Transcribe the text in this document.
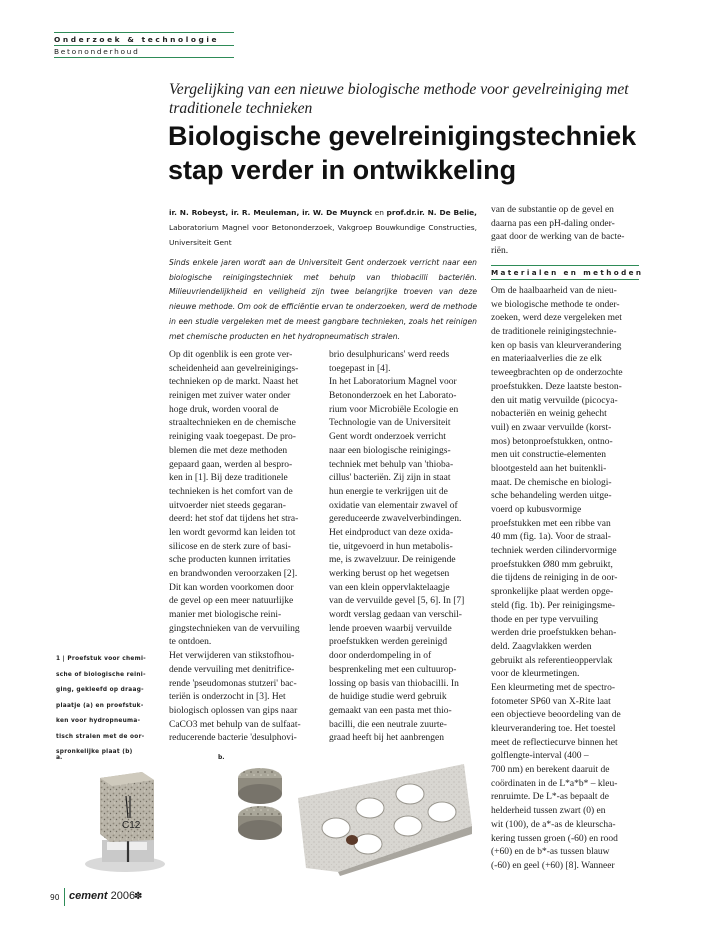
Onderzoek & technologie
Betononderhoud
Vergelijking van een nieuwe biologische methode voor gevelreiniging met traditionele technieken
Biologische gevelreinigingstechniek
stap verder in ontwikkeling
ir. N. Robeyst, ir. R. Meuleman, ir. W. De Muynck en prof.dr.ir. N. De Belie, Laboratorium Magnel voor Betononderzoek, Vakgroep Bouwkundige Constructies, Universiteit Gent
Sinds enkele jaren wordt aan de Universiteit Gent onderzoek verricht naar een biologische reinigingstechniek met behulp van thiobacilli bacteriën. Milieuvriendelijkheid en veiligheid zijn twee belangrijke troeven van deze nieuwe methode. Om ook de efficiëntie ervan te onderzoeken, werd de methode in een studie vergeleken met de meest gangbare technieken, zoals het reinigen met chemische producten en het hydropneumatisch stralen.
Op dit ogenblik is een grote ver-
scheidenheid aan gevelreinigings-
technieken op de markt. Naast het
reinigen met zuiver water onder
hoge druk, worden vooral de
straaltechnieken en de chemische
reiniging vaak toegepast. De pro-
blemen die met deze methoden
gepaard gaan, werden al bespro-
ken in [1]. Bij deze traditionele
technieken is het comfort van de
uitvoerder niet steeds gegaran-
deerd: het stof dat tijdens het stra-
len wordt gevormd kan leiden tot
silicose en de sterk zure of basi-
sche producten kunnen irritaties
en brandwonden veroorzaken [2].
Dit kan worden voorkomen door
de gevel op een meer natuurlijke
manier met biologische reini-
gingstechnieken van de vervuiling
te ontdoen.
Het verwijderen van stikstofhou-
dende vervuiling met denitrifice-
rende 'pseudomonas stutzeri' bac-
teriën is onderzocht in [3]. Het
biologisch oplossen van gips naar
CaCO3 met behulp van de sulfaat-
reducerende bacterie 'desulphovi-
brio desulphuricans' werd reeds
toegepast in [4].
In het Laboratorium Magnel voor
Betononderzoek en het Laborato-
rium voor Microbiële Ecologie en
Technologie van de Universiteit
Gent wordt onderzoek verricht
naar een biologische reinigings-
techniek met behulp van 'thioba-
cillus' bacteriën. Zij zijn in staat
hun energie te verkrijgen uit de
oxidatie van elementair zwavel of
gereduceerde zwavelverbindingen.
Het eindproduct van deze oxida-
tie, uitgevoerd in hun metabolis-
me, is zwavelzuur. De reinigende
werking berust op het wegetsen
van een klein oppervlaktelaagje
van de vervuilde gevel [5, 6]. In [7]
wordt verslag gedaan van verschil-
lende proeven waarbij vervuilde
proefstukken werden gereinigd
door onderdompeling in of
besprenkeling met een cultuurop-
lossing op basis van thiobacilli. In
de huidige studie werd gebruik
gemaakt van een pasta met thio-
bacilli, die een neutrale zuurte-
graad heeft bij het aanbrengen
van de substantie op de gevel en
daarna pas een pH-daling onder-
gaat door de werking van de bacte-
riën.
Materialen en methoden
Om de haalbaarheid van de nieu-
we biologische methode te onder-
zoeken, werd deze vergeleken met
de traditionele reinigingstechnie-
ken op basis van kleurverandering
en materiaalverlies die ze elk
teweegbrachten op de onderzochte
proefstukken. Deze laatste beston-
den uit matig vervuilde (picocya-
nobacteriën en weinig gehecht
vuil) en zwaar vervuilde (korst-
mos) betonproefstukken, ontno-
men uit constructie-elementen
blootgesteld aan het buitenkli-
maat. De chemische en biologi-
sche behandeling werden uitge-
voerd op kubusvormige
proefstukken met een ribbe van
40 mm (fig. 1a). Voor de straal-
techniek werden cilindervormige
proefstukken Ø80 mm gebruikt,
die tijdens de reiniging in de oor-
spronkelijke plaat werden opge-
steld (fig. 1b). Per reinigingsme-
thode en per type vervuiling
werden drie proefstukken behan-
deld. Zaagvlakken werden
gebruikt als referentieoppervlak
voor de kleurmetingen.
Een kleurmeting met de spectro-
fotometer SP60 van X-Rite laat
een objectieve beoordeling van de
kleurverandering toe. Het toestel
meet de reflectiecurve binnen het
golflengte-interval (400 –
700 nm) en berekent daaruit de
coördinaten in de L*a*b* – kleu-
renruimte. De L*-as bepaalt de
helderheid tussen zwart (0) en
wit (100), de a*-as de kleurscha-
kering tussen groen (-60) en rood
(+60) en de b*-as tussen blauw
(-60) en geel (+60) [8]. Wanneer
1 | Proefstuk voor chemi-
sche of biologische reini-
ging, gekleefd op draag-
plaatje (a) en proefstuk-
ken voor hydropneuma-
tisch stralen met de oor-
spronkelijke plaat (b)
a.	b.
C12
90 cement 2006
✽
